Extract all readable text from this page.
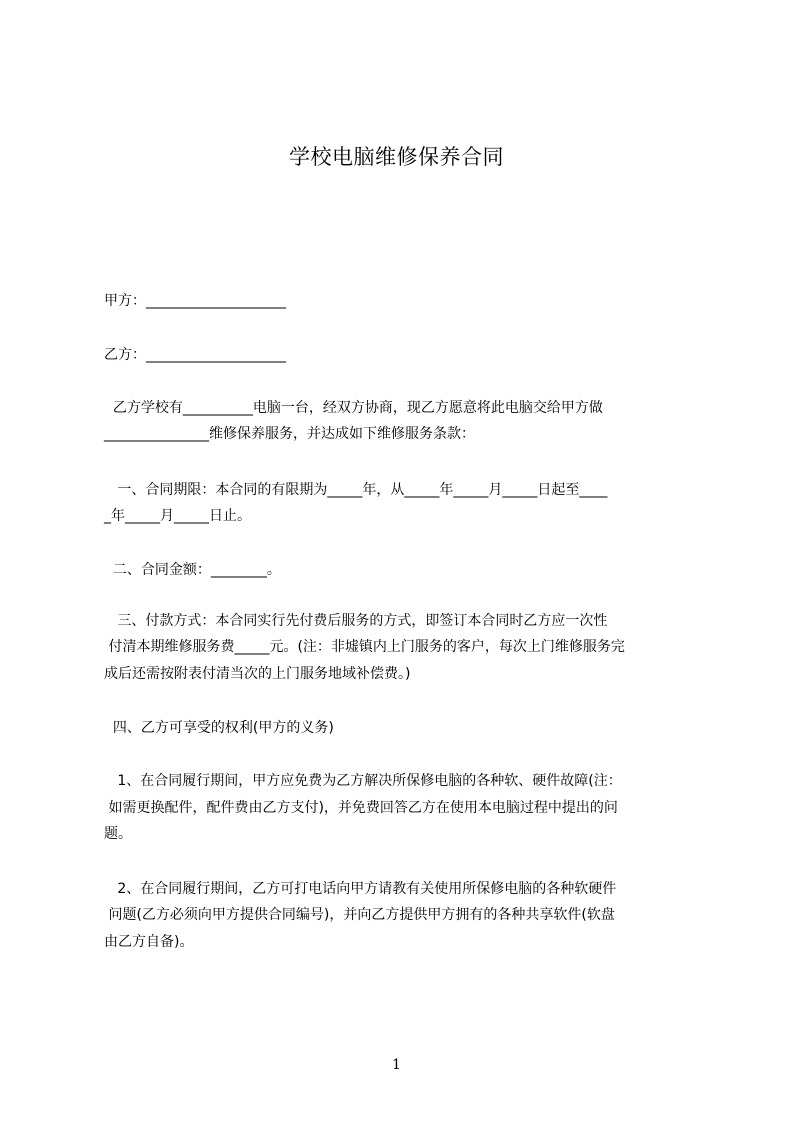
学校电脑维修保养合同
甲方：____________________
乙方：____________________
乙方学校有__________电脑一台，经双方协商，现乙方愿意将此电脑交给甲方做
_______________维修保养服务，并达成如下维修服务条款：
一、合同期限：本合同的有限期为_____年，从_____年_____月_____日起至____
_年_____月_____日止。
二、合同金额：________。
三、付款方式：本合同实行先付费后服务的方式，即签订本合同时乙方应一次性
付清本期维修服务费_____元。(注：非墟镇内上门服务的客户，每次上门维修服务完
成后还需按附表付清当次的上门服务地域补偿费。)
四、乙方可享受的权利(甲方的义务)
1、在合同履行期间，甲方应免费为乙方解决所保修电脑的各种软、硬件故障(注：
如需更换配件，配件费由乙方支付)，并免费回答乙方在使用本电脑过程中提出的问
题。
2、在合同履行期间，乙方可打电话向甲方请教有关使用所保修电脑的各种软硬件
问题(乙方必须向甲方提供合同编号)，并向乙方提供甲方拥有的各种共享软件(软盘
由乙方自备)。
1
